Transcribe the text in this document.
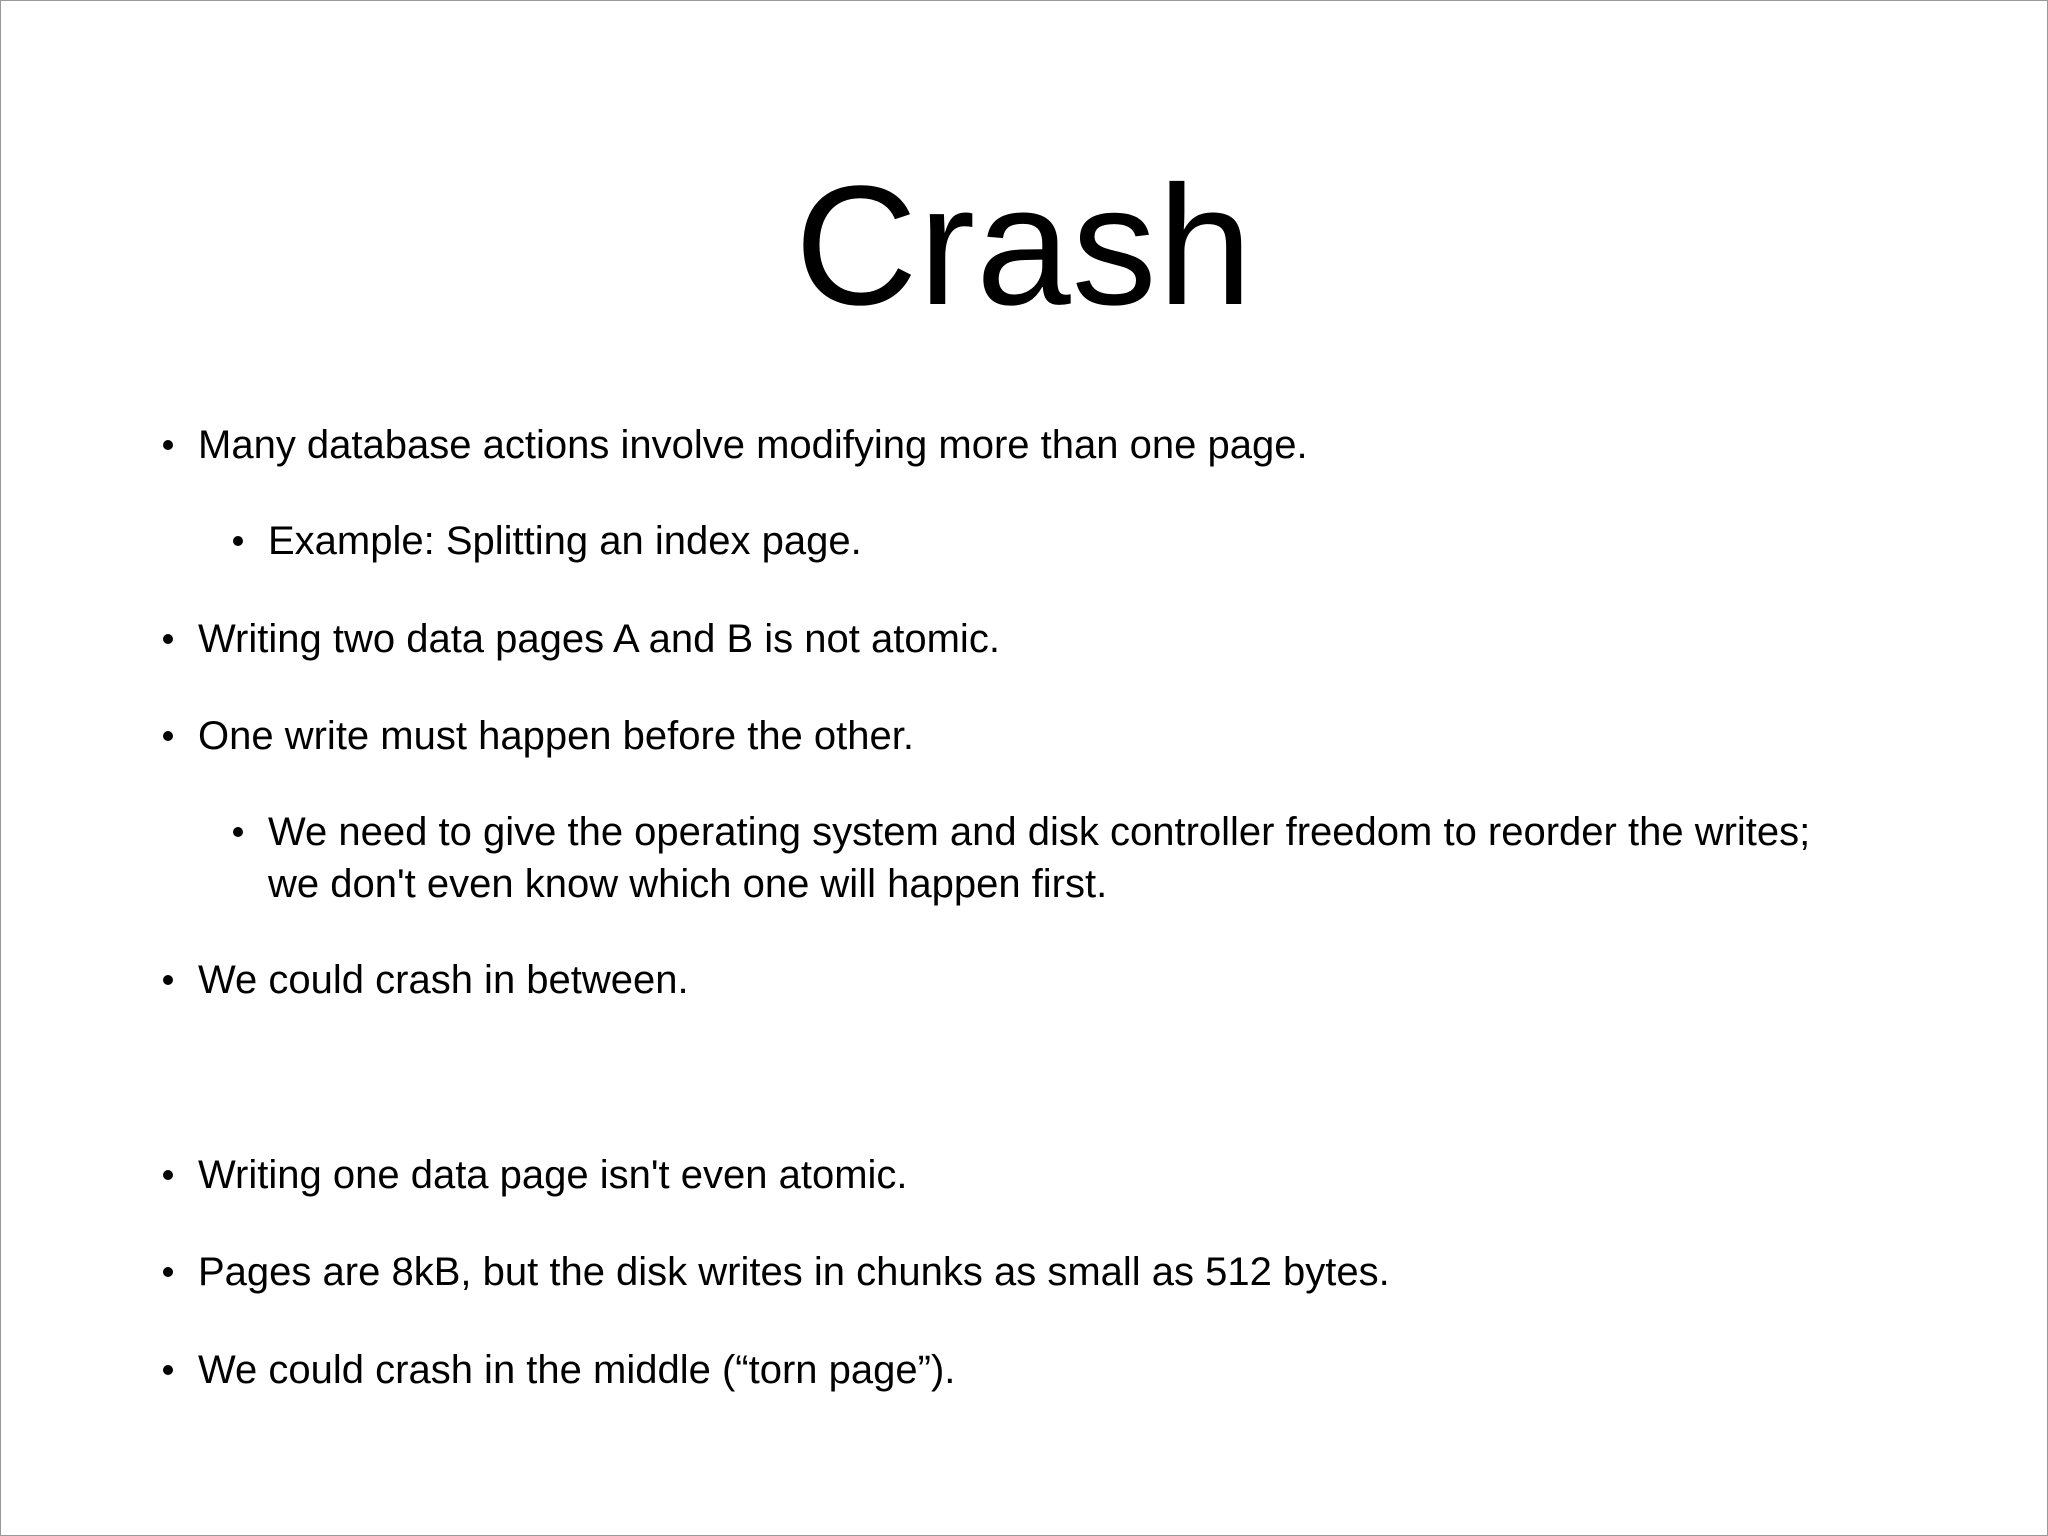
Crash
Many database actions involve modifying more than one page.
Example: Splitting an index page.
Writing two data pages A and B is not atomic.
One write must happen before the other.
We need to give the operating system and disk controller freedom to reorder the writes;
we don't even know which one will happen first.
We could crash in between.
Writing one data page isn't even atomic.
Pages are 8kB, but the disk writes in chunks as small as 512 bytes.
We could crash in the middle (“torn page”).
